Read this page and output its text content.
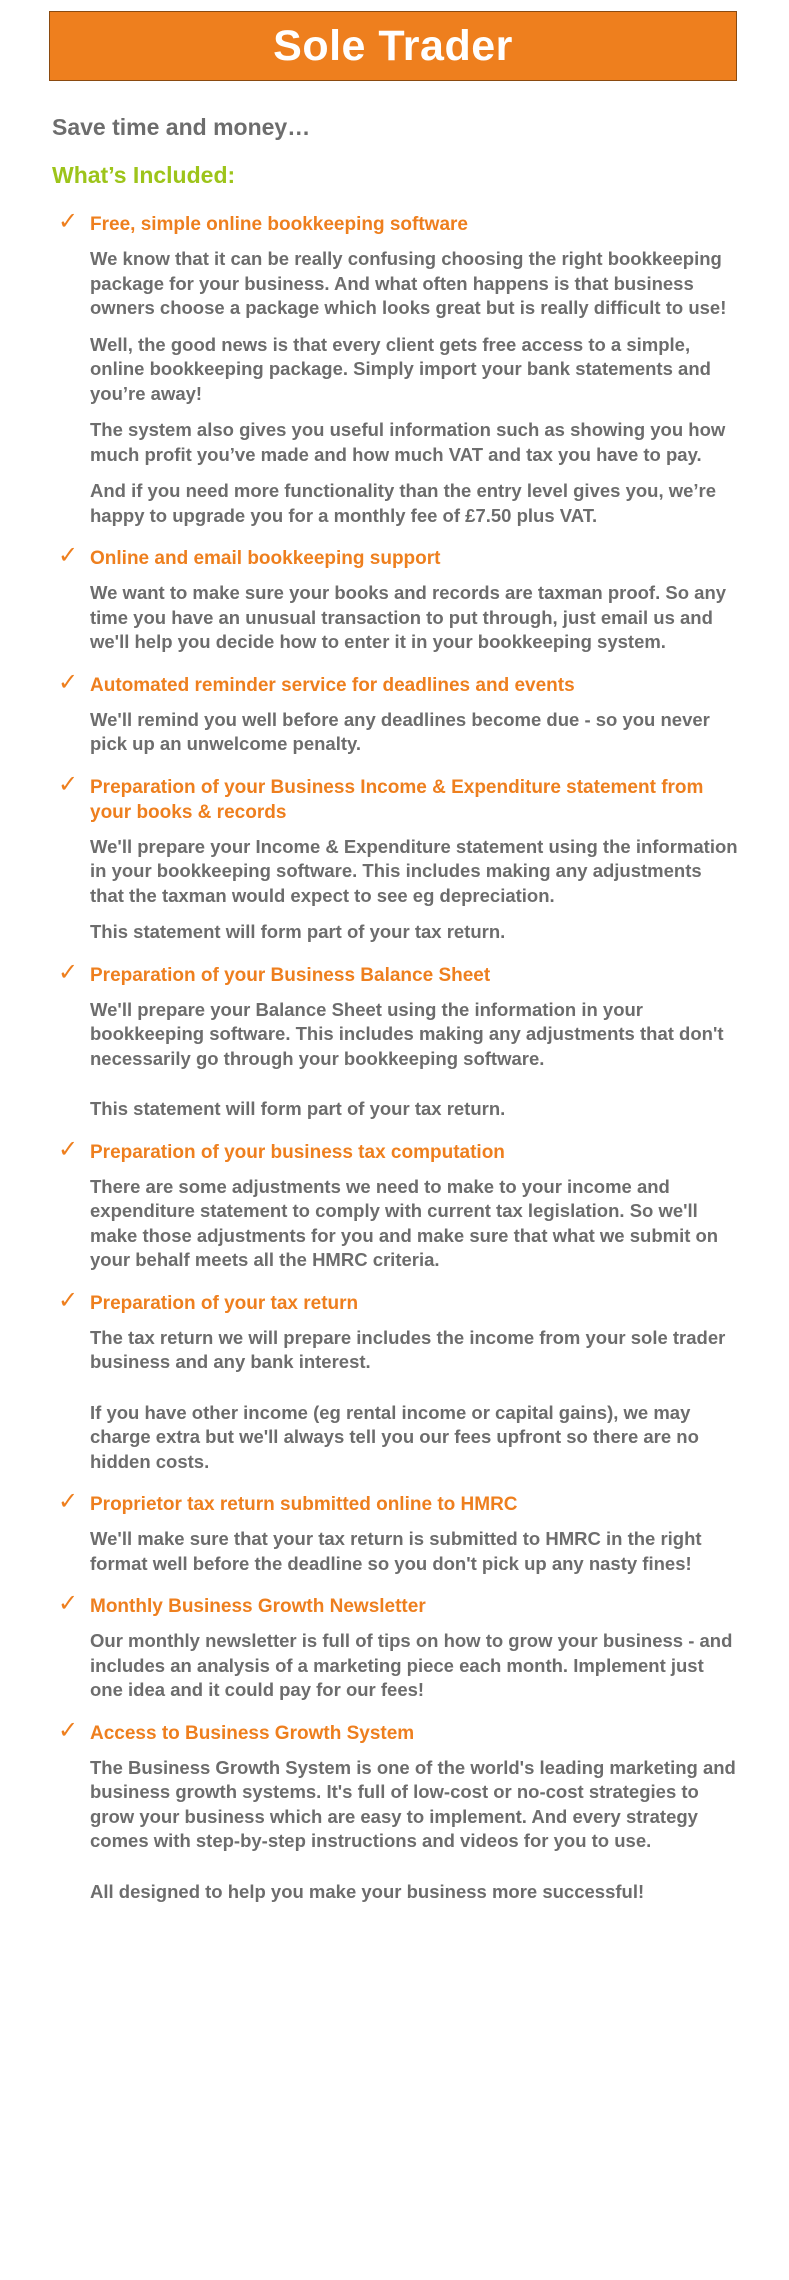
Sole Trader

Save time and money…

What’s Included:

✓ Free, simple online bookkeeping software

We know that it can be really confusing choosing the right bookkeeping package for your business. And what often happens is that business owners choose a package which looks great but is really difficult to use!

Well, the good news is that every client gets free access to a simple, online bookkeeping package. Simply import your bank statements and you’re away!

The system also gives you useful information such as showing you how much profit you’ve made and how much VAT and tax you have to pay.

And if you need more functionality than the entry level gives you, we’re happy to upgrade you for a monthly fee of £7.50 plus VAT.

✓ Online and email bookkeeping support

We want to make sure your books and records are taxman proof. So any time you have an unusual transaction to put through, just email us and we'll help you decide how to enter it in your bookkeeping system.

✓ Automated reminder service for deadlines and events

We'll remind you well before any deadlines become due - so you never pick up an unwelcome penalty.

✓ Preparation of your Business Income & Expenditure statement from your books & records

We'll prepare your Income & Expenditure statement using the information in your bookkeeping software. This includes making any adjustments that the taxman would expect to see eg depreciation.

This statement will form part of your tax return.

✓ Preparation of your Business Balance Sheet

We'll prepare your Balance Sheet using the information in your bookkeeping software. This includes making any adjustments that don't necessarily go through your bookkeeping software.

This statement will form part of your tax return.

✓ Preparation of your business tax computation

There are some adjustments we need to make to your income and expenditure statement to comply with current tax legislation. So we'll make those adjustments for you and make sure that what we submit on your behalf meets all the HMRC criteria.

✓ Preparation of your tax return

The tax return we will prepare includes the income from your sole trader business and any bank interest.

If you have other income (eg rental income or capital gains), we may charge extra but we'll always tell you our fees upfront so there are no hidden costs.

✓ Proprietor tax return submitted online to HMRC

We'll make sure that your tax return is submitted to HMRC in the right format well before the deadline so you don't pick up any nasty fines!

✓ Monthly Business Growth Newsletter

Our monthly newsletter is full of tips on how to grow your business - and includes an analysis of a marketing piece each month. Implement just one idea and it could pay for our fees!

✓ Access to Business Growth System

The Business Growth System is one of the world's leading marketing and business growth systems. It's full of low-cost or no-cost strategies to grow your business which are easy to implement. And every strategy comes with step-by-step instructions and videos for you to use.

All designed to help you make your business more successful!
